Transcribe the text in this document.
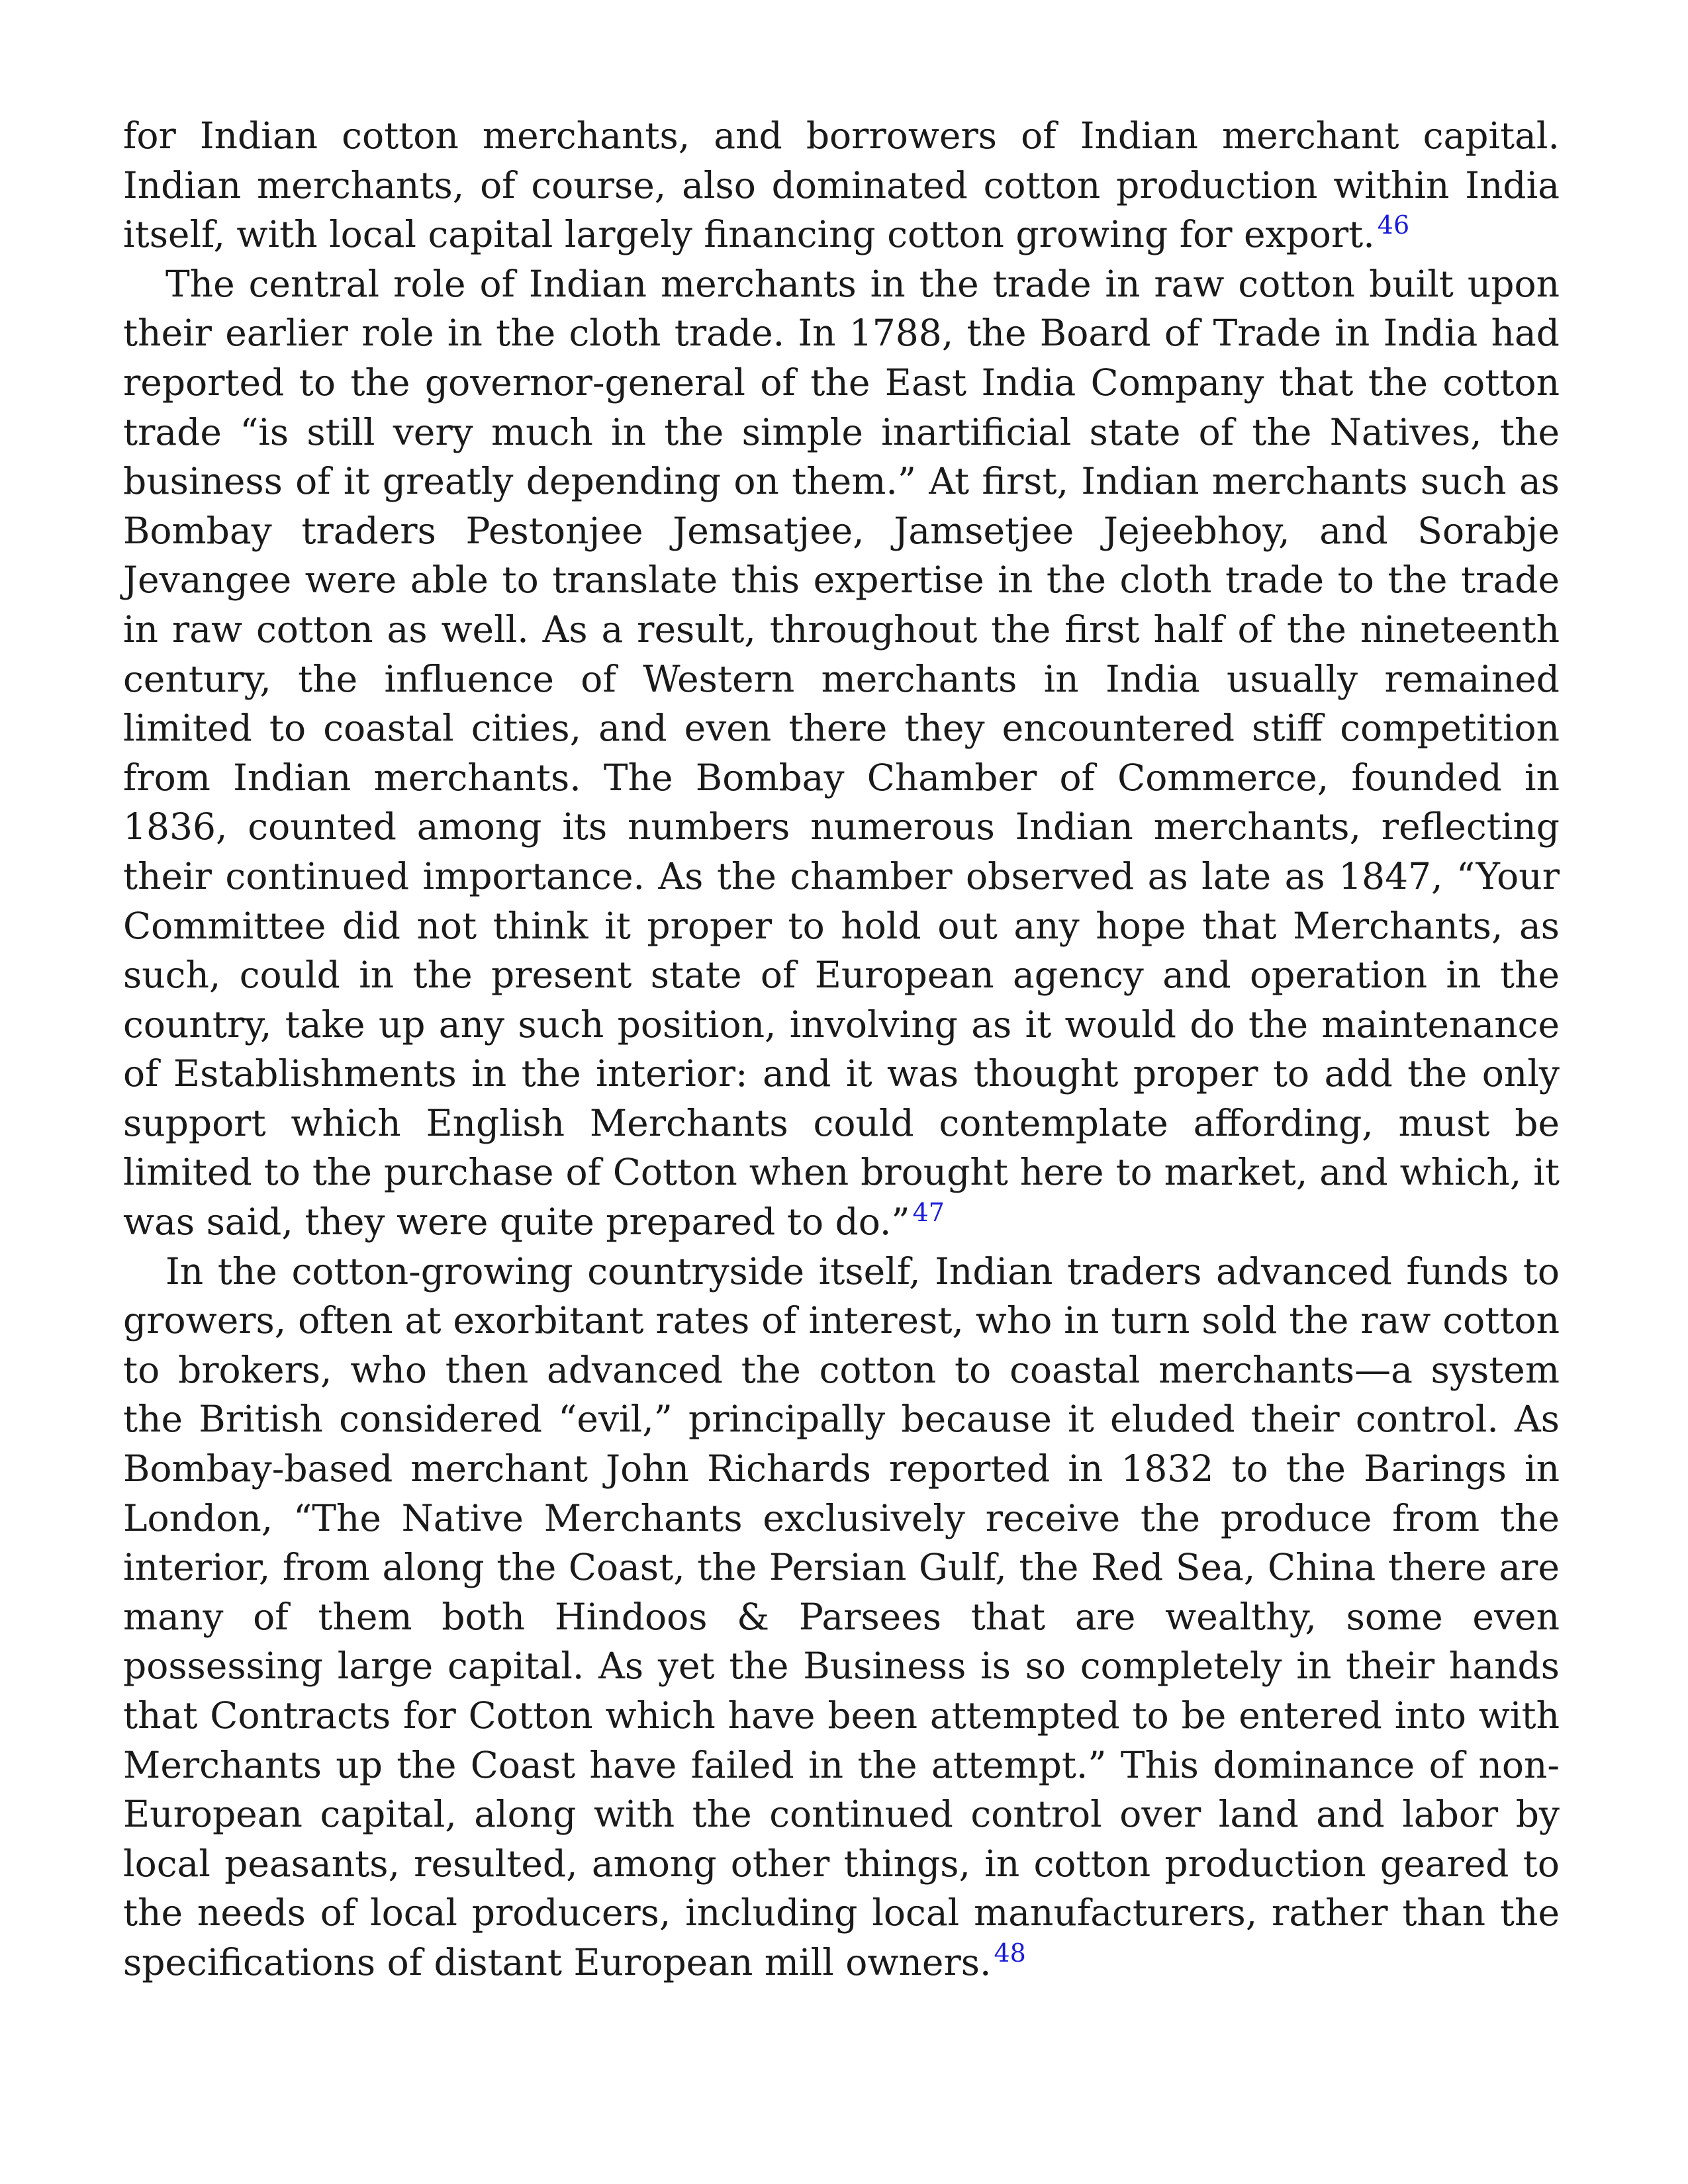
for Indian cotton merchants, and borrowers of Indian merchant capital. Indian merchants, of course, also dominated cotton production within India itself, with local capital largely financing cotton growing for export. $^{46}$

The central role of Indian merchants in the trade in raw cotton built upon their earlier role in the cloth trade. In 1788, the Board of Trade in India had reported to the governor-general of the East India Company that the cotton trade “is still very much in the simple inartificial state of the Natives, the business of it greatly depending on them.” At first, Indian merchants such as Bombay traders Pestonjee Jemsatjee, Jamsetjee Jejeebhoy, and Sorabje Jevangee were able to translate this expertise in the cloth trade to the trade in raw cotton as well. As a result, throughout the first half of the nineteenth century, the influence of Western merchants in India usually remained limited to coastal cities, and even there they encountered stiff competition from Indian merchants. The Bombay Chamber of Commerce, founded in 1836, counted among its numbers numerous Indian merchants, reflecting their continued importance. As the chamber observed as late as 1847, “Your Committee did not think it proper to hold out any hope that Merchants, as such, could in the present state of European agency and operation in the country, take up any such position, involving as it would do the maintenance of Establishments in the interior: and it was thought proper to add the only support which English Merchants could contemplate affording, must be limited to the purchase of Cotton when brought here to market, and which, it was said, they were quite prepared to do.” $^{47}$

In the cotton-growing countryside itself, Indian traders advanced funds to growers, often at exorbitant rates of interest, who in turn sold the raw cotton to brokers, who then advanced the cotton to coastal merchants—a system the British considered “evil,” principally because it eluded their control. As Bombay-based merchant John Richards reported in 1832 to the Barings in London, “The Native Merchants exclusively receive the produce from the interior, from along the Coast, the Persian Gulf, the Red Sea, China there are many of them both Hindoos & Parsees that are wealthy, some even possessing large capital. As yet the Business is so completely in their hands that Contracts for Cotton which have been attempted to be entered into with Merchants up the Coast have failed in the attempt.” This dominance of non-European capital, along with the continued control over land and labor by local peasants, resulted, among other things, in cotton production geared to the needs of local producers, including local manufacturers, rather than the specifications of distant European mill owners. $^{48}$
